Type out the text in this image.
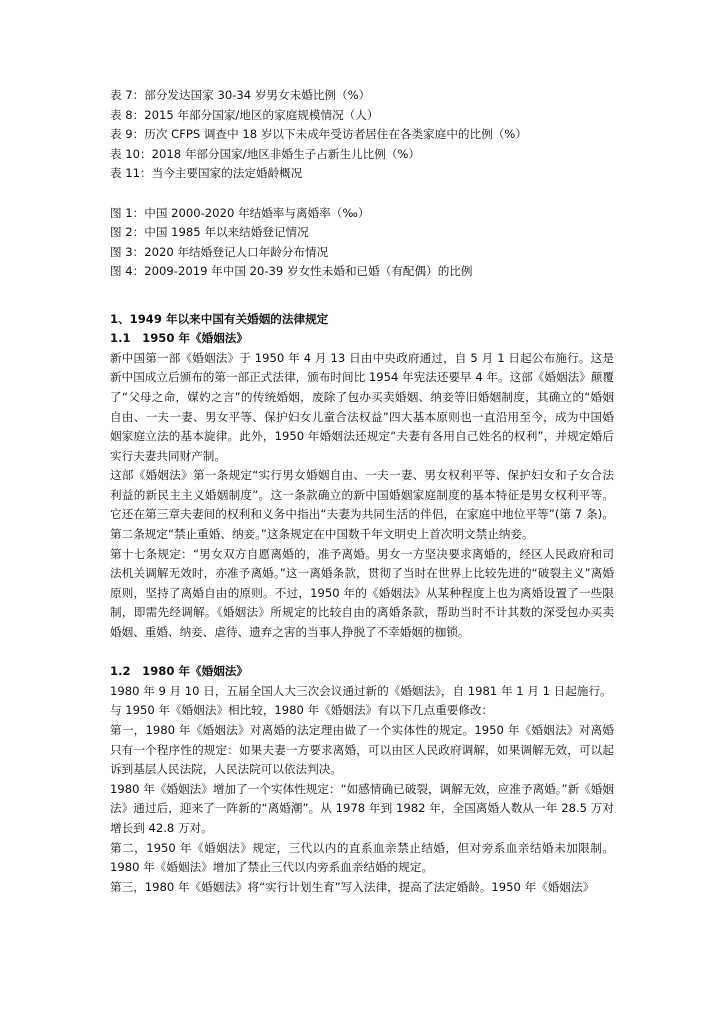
表 7：部分发达国家 30-34 岁男女未婚比例（%）
表 8：2015 年部分国家/地区的家庭规模情况（人）
表 9：历次 CFPS 调查中 18 岁以下未成年受访者居住在各类家庭中的比例（%）
表 10：2018 年部分国家/地区非婚生子占新生儿比例（%）
表 11：当今主要国家的法定婚龄概况
图 1：中国 2000-2020 年结婚率与离婚率（‰）
图 2：中国 1985 年以来结婚登记情况
图 3：2020 年结婚登记人口年龄分布情况
图 4：2009-2019 年中国 20-39 岁女性未婚和已婚（有配偶）的比例
1、1949 年以来中国有关婚姻的法律规定
1.1　1950 年《婚姻法》

新中国第一部《婚姻法》于 1950 年 4 月 13 日由中央政府通过，自 5 月 1 日起公布施行。这是新中国成立后颁布的第一部正式法律，颁布时间比 1954 年宪法还要早 4 年。这部《婚姻法》颠覆了“父母之命，媒妁之言”的传统婚姻，废除了包办买卖婚姻、纳妾等旧婚姻制度，其确立的“婚姻自由、一夫一妻、男女平等、保护妇女儿童合法权益”四大基本原则也一直沿用至今，成为中国婚姻家庭立法的基本旋律。此外，1950 年婚姻法还规定“夫妻有各用自己姓名的权利”，并规定婚后实行夫妻共同财产制。

这部《婚姻法》第一条规定“实行男女婚姻自由、一夫一妻、男女权利平等、保护妇女和子女合法利益的新民主主义婚姻制度”。这一条款确立的新中国婚姻家庭制度的基本特征是男女权利平等。它还在第三章夫妻间的权利和义务中指出“夫妻为共同生活的伴侣，在家庭中地位平等”(第 7 条)。第二条规定“禁止重婚、纳妾。”这条规定在中国数千年文明史上首次明文禁止纳妾。

第十七条规定：“男女双方自愿离婚的，准予离婚。男女一方坚决要求离婚的，经区人民政府和司法机关调解无效时，亦准予离婚。”这一离婚条款，贯彻了当时在世界上比较先进的“破裂主义”离婚原则，坚持了离婚自由的原则。不过，1950 年的《婚姻法》从某种程度上也为离婚设置了一些限制，即需先经调解。《婚姻法》所规定的比较自由的离婚条款，帮助当时不计其数的深受包办买卖婚姻、重婚、纳妾、虐待、遗弃之害的当事人挣脱了不幸婚姻的枷锁。

1.2　1980 年《婚姻法》

1980 年 9 月 10 日，五届全国人大三次会议通过新的《婚姻法》，自 1981 年 1 月 1 日起施行。

与 1950 年《婚姻法》相比较，1980 年《婚姻法》有以下几点重要修改：

第一，1980 年《婚姻法》对离婚的法定理由做了一个实体性的规定。1950 年《婚姻法》对离婚只有一个程序性的规定：如果夫妻一方要求离婚，可以由区人民政府调解，如果调解无效，可以起诉到基层人民法院，人民法院可以依法判决。

1980 年《婚姻法》增加了一个实体性规定：“如感情确已破裂，调解无效，应准予离婚。”新《婚姻法》通过后，迎来了一阵新的“离婚潮”。从 1978 年到 1982 年，全国离婚人数从一年 28.5 万对增长到 42.8 万对。

第二，1950 年《婚姻法》规定，三代以内的直系血亲禁止结婚，但对旁系血亲结婚未加限制。1980 年《婚姻法》增加了禁止三代以内旁系血亲结婚的规定。

第三，1980 年《婚姻法》将“实行计划生育”写入法律，提高了法定婚龄。1950 年《婚姻法》
